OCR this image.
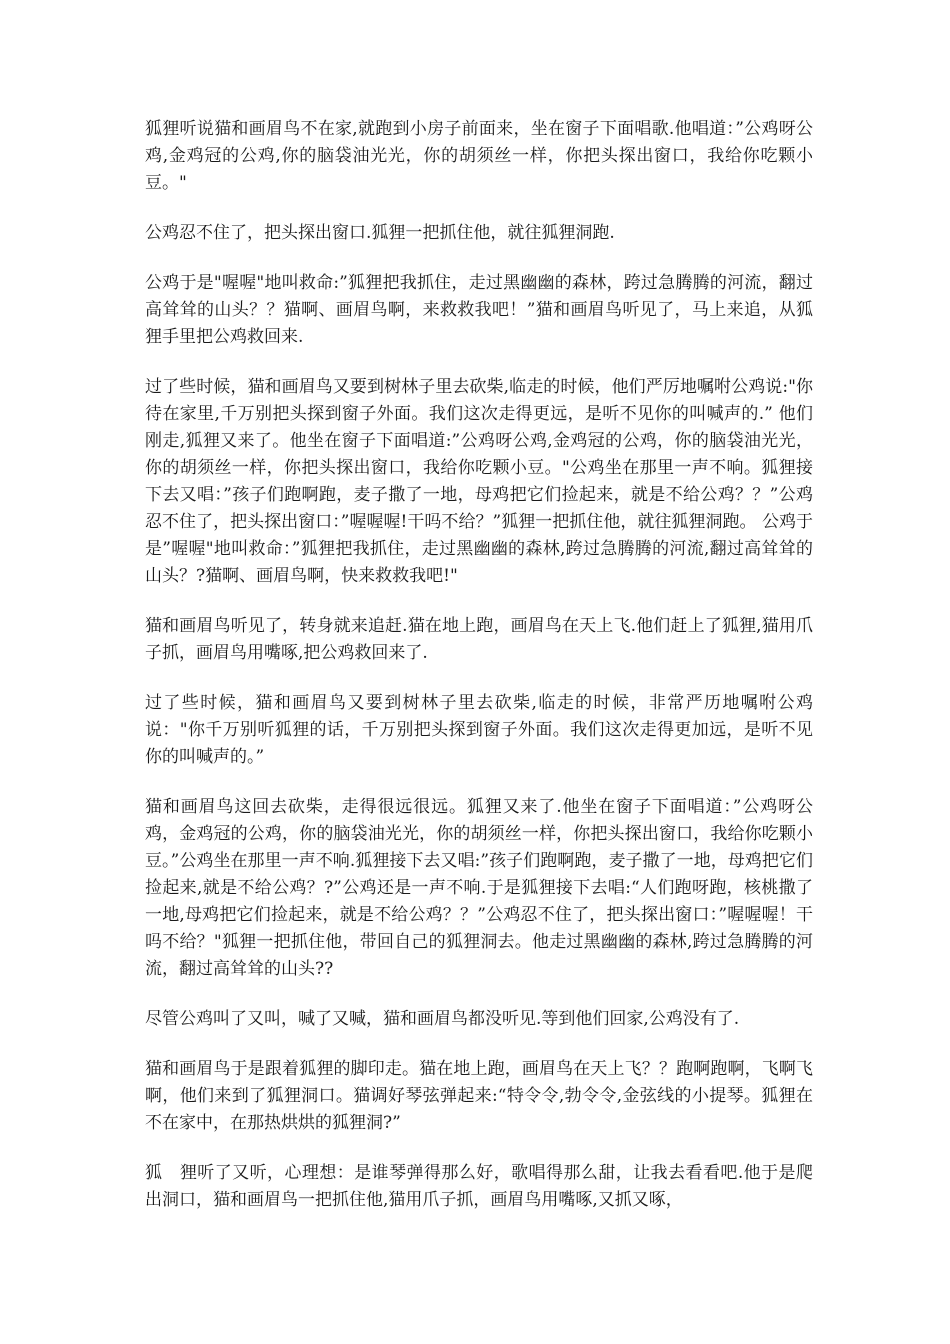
狐狸听说猫和画眉鸟不在家,就跑到小房子前面来，坐在窗子下面唱歌.他唱道：”公鸡呀公鸡,金鸡冠的公鸡,你的脑袋油光光，你的胡须丝一样，你把头探出窗口，我给你吃颗小豆。"

公鸡忍不住了，把头探出窗口.狐狸一把抓住他，就往狐狸洞跑.

公鸡于是"喔喔"地叫救命:”狐狸把我抓住，走过黑幽幽的森林，跨过急腾腾的河流，翻过高耸耸的山头？？猫啊、画眉鸟啊，来救救我吧！”猫和画眉鸟听见了，马上来追，从狐狸手里把公鸡救回来.

过了些时候，猫和画眉鸟又要到树林子里去砍柴,临走的时候，他们严厉地嘱咐公鸡说:"你待在家里,千万别把头探到窗子外面。我们这次走得更远，是听不见你的叫喊声的.” 他们刚走,狐狸又来了。他坐在窗子下面唱道:”公鸡呀公鸡,金鸡冠的公鸡，你的脑袋油光光，你的胡须丝一样，你把头探出窗口，我给你吃颗小豆。"公鸡坐在那里一声不响。狐狸接下去又唱：”孩子们跑啊跑，麦子撒了一地，母鸡把它们捡起来，就是不给公鸡？？”公鸡忍不住了，把头探出窗口：”喔喔喔!干吗不给？”狐狸一把抓住他，就往狐狸洞跑。 公鸡于是”喔喔"地叫救命：”狐狸把我抓住，走过黑幽幽的森林,跨过急腾腾的河流,翻过高耸耸的山头？?猫啊、画眉鸟啊，快来救救我吧!"

猫和画眉鸟听见了，转身就来追赶.猫在地上跑，画眉鸟在天上飞.他们赶上了狐狸,猫用爪子抓，画眉鸟用嘴啄,把公鸡救回来了.

过了些时候，猫和画眉鸟又要到树林子里去砍柴,临走的时候，非常严历地嘱咐公鸡说："你千万别听狐狸的话，千万别把头探到窗子外面。我们这次走得更加远，是听不见你的叫喊声的。”

猫和画眉鸟这回去砍柴，走得很远很远。狐狸又来了.他坐在窗子下面唱道：”公鸡呀公鸡，金鸡冠的公鸡，你的脑袋油光光，你的胡须丝一样，你把头探出窗口，我给你吃颗小豆。”公鸡坐在那里一声不响.狐狸接下去又唱:”孩子们跑啊跑，麦子撒了一地，母鸡把它们捡起来,就是不给公鸡？?”公鸡还是一声不响.于是狐狸接下去唱:“人们跑呀跑，核桃撒了一地,母鸡把它们捡起来，就是不给公鸡？？”公鸡忍不住了，把头探出窗口：”喔喔喔！干吗不给？"狐狸一把抓住他，带回自己的狐狸洞去。他走过黑幽幽的森林,跨过急腾腾的河流，翻过高耸耸的山头??

尽管公鸡叫了又叫，喊了又喊，猫和画眉鸟都没听见.等到他们回家,公鸡没有了.

猫和画眉鸟于是跟着狐狸的脚印走。猫在地上跑，画眉鸟在天上飞？？跑啊跑啊，飞啊飞啊，他们来到了狐狸洞口。猫调好琴弦弹起来:“特令令,勃令令,金弦线的小提琴。狐狸在不在家中，在那热烘烘的狐狸洞?”

狐　狸听了又听，心理想：是谁琴弹得那么好，歌唱得那么甜，让我去看看吧.他于是爬出洞口，猫和画眉鸟一把抓住他,猫用爪子抓，画眉鸟用嘴啄,又抓又啄，
